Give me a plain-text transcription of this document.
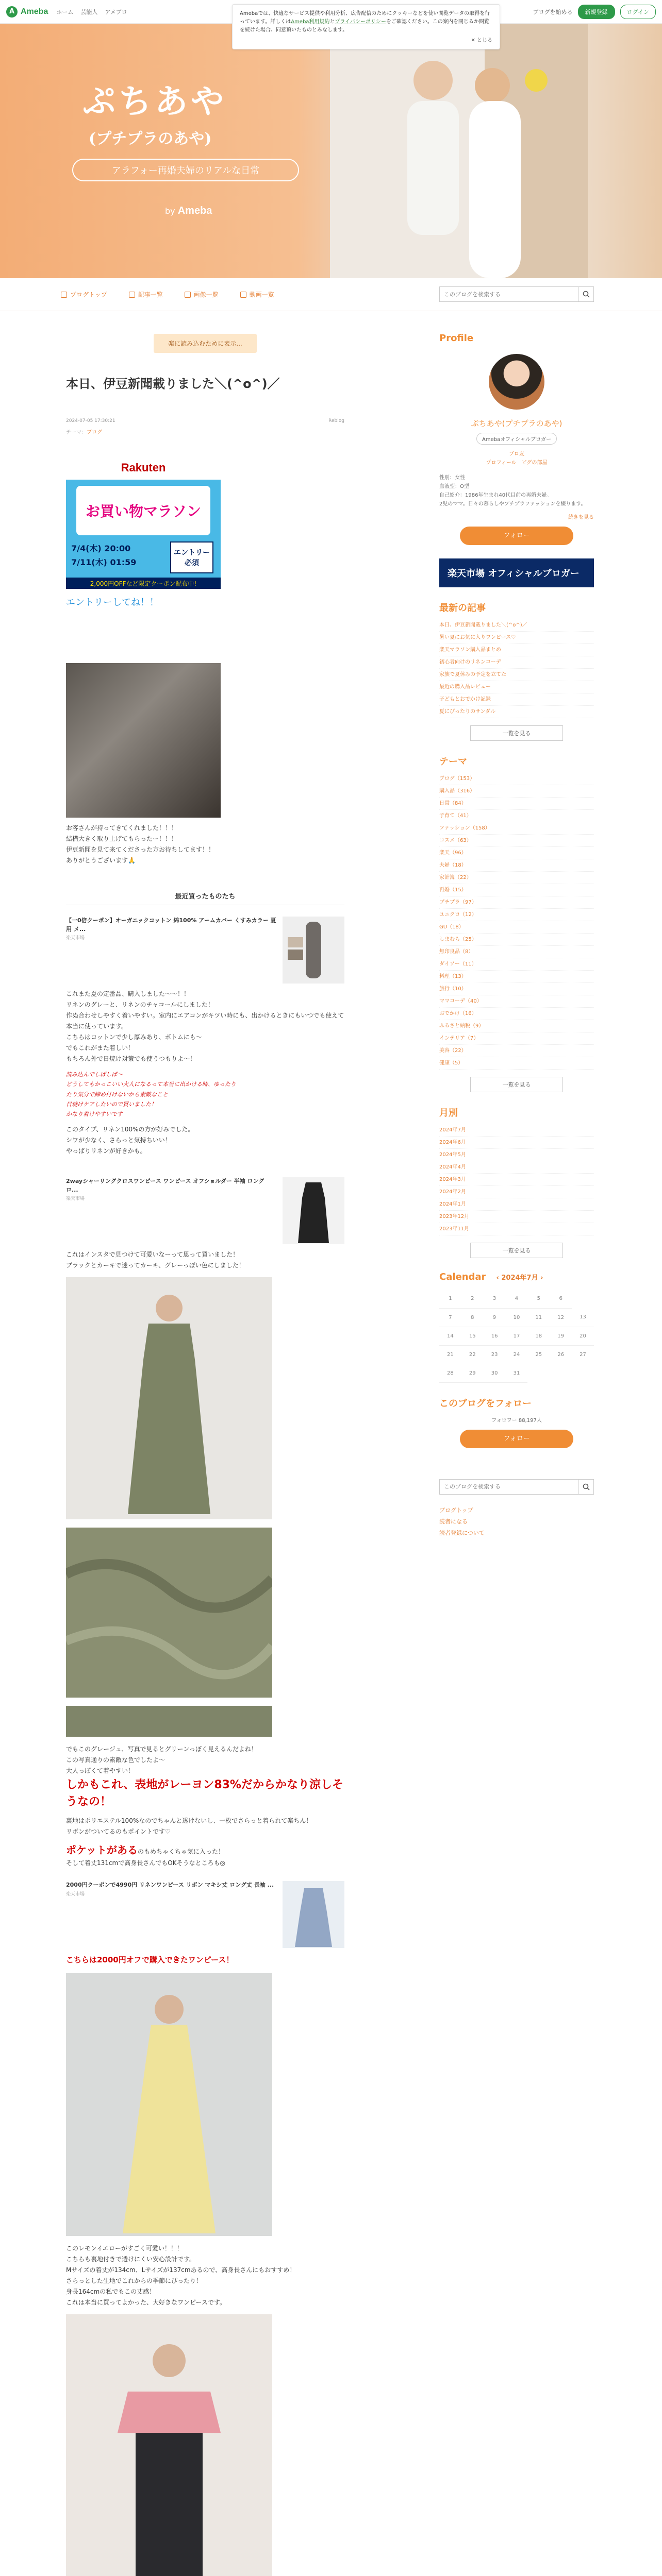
A Ameba ホーム 芸能人 アメブロ	ブログを始める	新規登録	ログイン
ぷちあや
(プチプラのあや)
アラフォー再婚夫婦のリアルな日常
by Ameba
ブログトップ	記事一覧	画像一覧	動画一覧
このブログを検索する
Amebaでは、快適なサービス提供や利用分析、広告配信のためにクッキーなどを使い閲覧データの取得を行っています。詳しくはAmeba利用規約とプライバシーポリシーをご確認ください。この案内を閉じるか閲覧を続けた場合、同意頂いたものとみなします。
✕ とじる
楽に読み込むために表示...
本日、伊豆新聞載りました＼(^o^)／
2024-07-05 17:30:21	Reblog
テーマ：ブログ
Rakuten
お買い物マラソン
7/4(木) 20:00
7/11(木) 01:59
エントリー必須
2,000円OFFなど限定クーポン配布中!
エントリーしてね！！
お客さんが持ってきてくれました！！！
結構大きく取り上げてもらったー！！！
伊豆新聞を見て来てくださった方お待ちしてます！！
ありがとうございます🙏
最近買ったものたち
【一0倍クーポン】オーガニックコットン 綿100% アームカバー くすみカラー 夏用 メ...
楽天市場
これまた夏の定番品、購入しました〜〜！！
リネンのグレーと、リネンのチャコールにしました！
作ぬ合わせしやすく着いやすい。室内にエアコンがキツい時にも、出かけるときにもいつでも使えて本当に使っています。
こちらはコットンで少し厚みあり、ボトムにも〜
でもこれがまた着しい！
もちろん外で日焼け対策でも使うつもりよ〜！
読み込んでしばしば〜
どうしてもかっこいい大人になるって本当に出かける時、ゆったり
たり気分で締め付けないから素敵なこと
日焼けケアしたいので買いました！
かなり着けやすいです
このタイプ、リネン100%の方が好みでした。
シワが少なく、さらっと気持ちいい！
やっぱりリネンが好きかも。
2wayシャーリングクロスワンピース ワンピース オフショルダー 半袖 ロング ロ...
楽天市場
これはインスタで見つけて可愛いなーって思って買いました！
ブラックとカーキで迷ってカーキ、グレーっぽい色にしました！

でもこのグレージュ、写真で見るとグリーンっぽく見えるんだよね！
この写真通りの素敵な色でしたよ〜
大人っぽくて着やすい！
しかもこれ、表地がレーヨン83%だからかなり涼しそうなの！
裏地はポリエステル100%なのでちゃんと透けないし、一枚でさらっと着られて楽ちん！
リボンがついてるのもポイントです♡
ポケットがあるのもめちゃくちゃ気に入った！
そして着丈131cmで高身長さんでもOKそうなところも◎
2000円クーポンで4990円 リネンワンピース リボン マキシ丈 ロング丈 長袖 ...
楽天市場
こちらは2000円オフで購入できたワンピース！
このレモンイエローがすごく可愛い！！！
こちらも裏地付きで透けにくい安心設計です。
Mサイズの着丈が134cm、Lサイズが137cmあるので、高身長さんにもおすすめ！
さらっとした生地でこれからの季節にぴったり！
身長164cmの私でもこの丈感！
これは本当に買ってよかった、大好きなワンピースです。
Profile
ぷちあや(プチプラのあや)
Amebaオフィシャルブロガー
ブロ友
プロフィール　ピグの部屋
性別：女性
血液型：O型
自己紹介：1986年生まれ40代目前の再婚夫婦。
2児のママ。日々の暮らしやプチプラファッションを綴ります。
続きを見る
フォロー
楽天市場 オフィシャルブロガー
最新の記事
本日、伊豆新聞載りました＼(^o^)／
暑い夏にお気に入りワンピース♡
楽天マラソン購入品まとめ
初心者向けのリネンコーデ
家族で夏休みの予定を立てた
最近の購入品レビュー
子どもとおでかけ記録
夏にぴったりのサンダル
一覧を見る
テーマ
ブログ（153）
購入品（316）
日常（84）
子育て（41）
ファッション（158）
コスメ（63）
楽天（96）
夫婦（18）
家計簿（22）
再婚（15）
プチプラ（97）
ユニクロ（12）
GU（18）
しまむら（25）
無印良品（8）
ダイソー（11）
料理（13）
旅行（10）
ママコーデ（40）
おでかけ（16）
ふるさと納税（9）
インテリア（7）
美容（22）
健康（5）
一覧を見る
月別
2024年7月
2024年6月
2024年5月
2024年4月
2024年3月
2024年2月
2024年1月
2023年12月
2023年11月
一覧を見る
Calendar ‹ 2024年7月 ›
1	2	3	4	5	6	
7	8	9	10	11	12	13
14	15	16	17	18	19	20
21	22	23	24	25	26	27
28	29	30	31			
このブログをフォロー
フォロワー 88,197人
フォロー
このブログを検索する
ブログトップ
読者になる
読者登録について
